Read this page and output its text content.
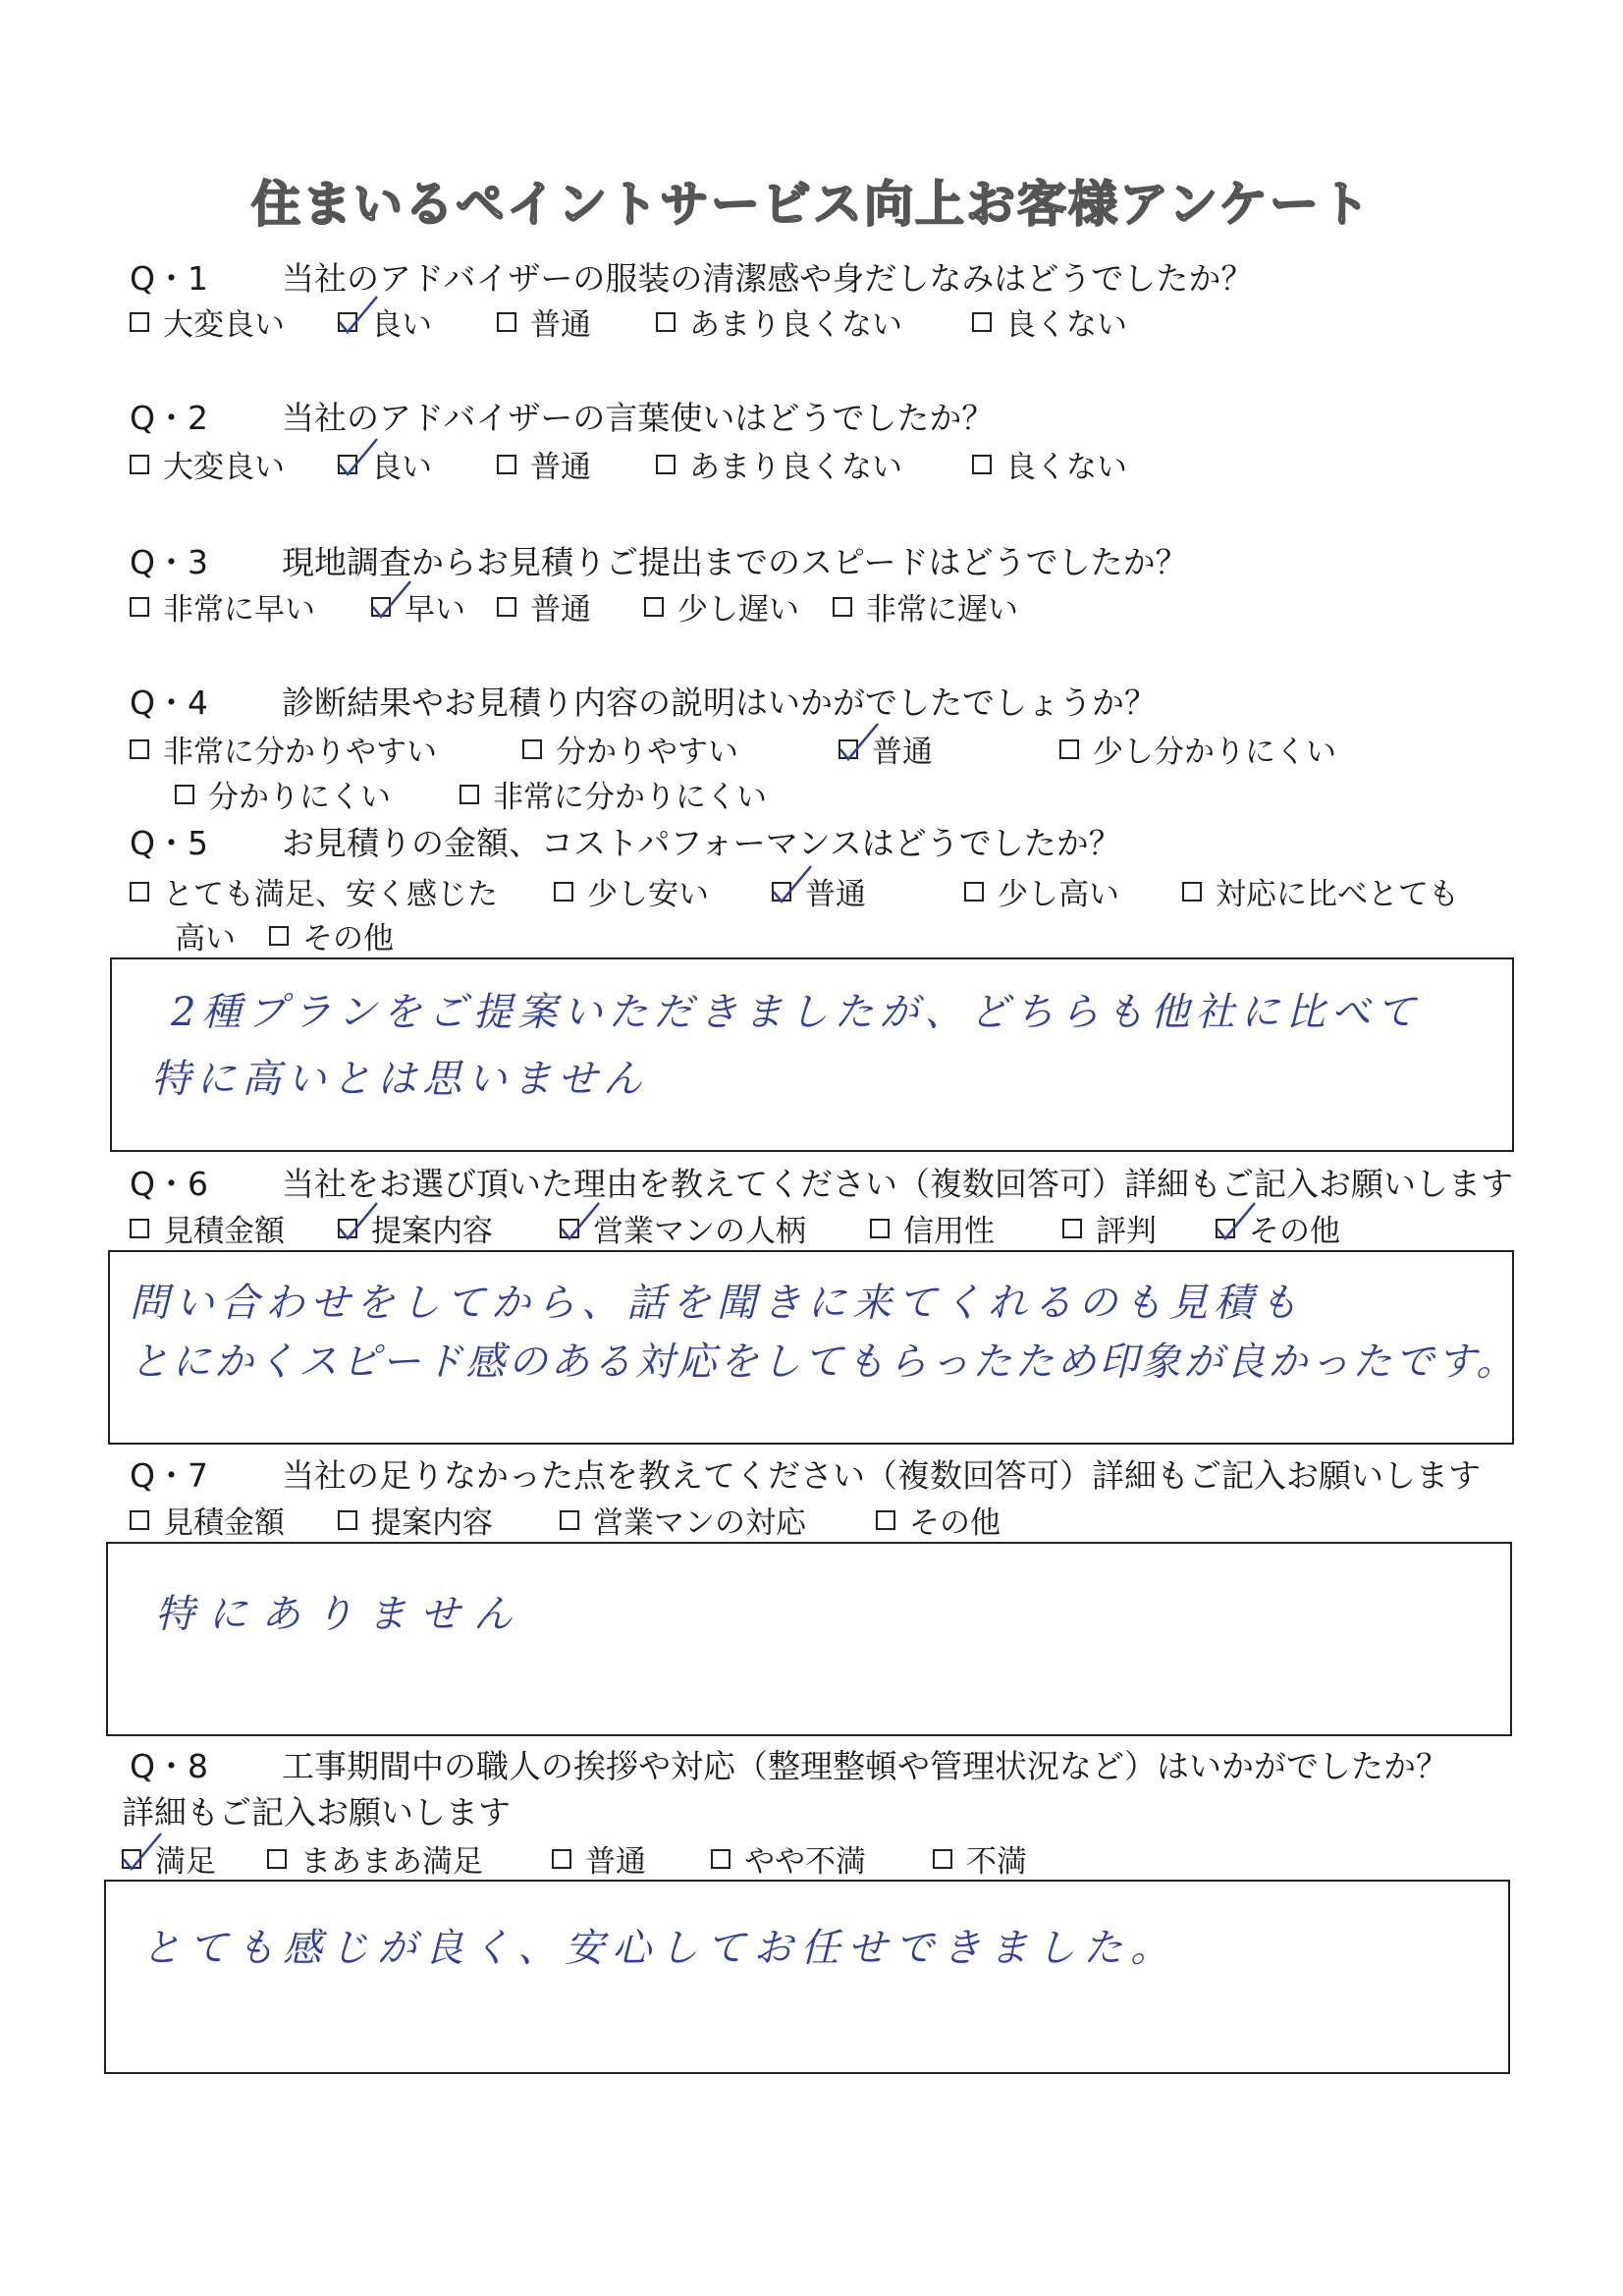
住まいるペイントサービス向上お客様アンケート
Q・1 当社のアドバイザーの服装の清潔感や身だしなみはどうでしたか？
大変良い	良い	普通	あまり良くない	良くない
Q・2 当社のアドバイザーの言葉使いはどうでしたか？
大変良い	良い	普通	あまり良くない	良くない
Q・3 現地調査からお見積りご提出までのスピードはどうでしたか？
非常に早い	早い 普通	少し遅い 非常に遅い
Q・4 診断結果やお見積り内容の説明はいかがでしたでしょうか？
非常に分かりやすい	分かりやすい	普通	少し分かりにくい
分かりにくい	非常に分かりにくい
Q・5 お見積りの金額、コストパフォーマンスはどうでしたか？
とても満足、安く感じた	少し安い	普通	少し高い	対応に比べとても
高い	その他
2種プランをご提案いただきましたが、どちらも他社に比べて
特に高いとは思いません
Q・6 当社をお選び頂いた理由を教えてください（複数回答可）詳細もご記入お願いします
見積金額	提案内容	営業マンの人柄	信用性	評判	その他
問い合わせをしてから、話を聞きに来てくれるのも見積も
とにかくスピード感のある対応をしてもらったため印象が良かったです。
Q・7 当社の足りなかった点を教えてください（複数回答可）詳細もご記入お願いします
見積金額	提案内容	営業マンの対応	その他
特にありません
Q・8 工事期間中の職人の挨拶や対応（整理整頓や管理状況など）はいかがでしたか？
詳細もご記入お願いします
満足	まあまあ満足	普通	やや不満	不満
とても感じが良く、安心してお任せできました。
